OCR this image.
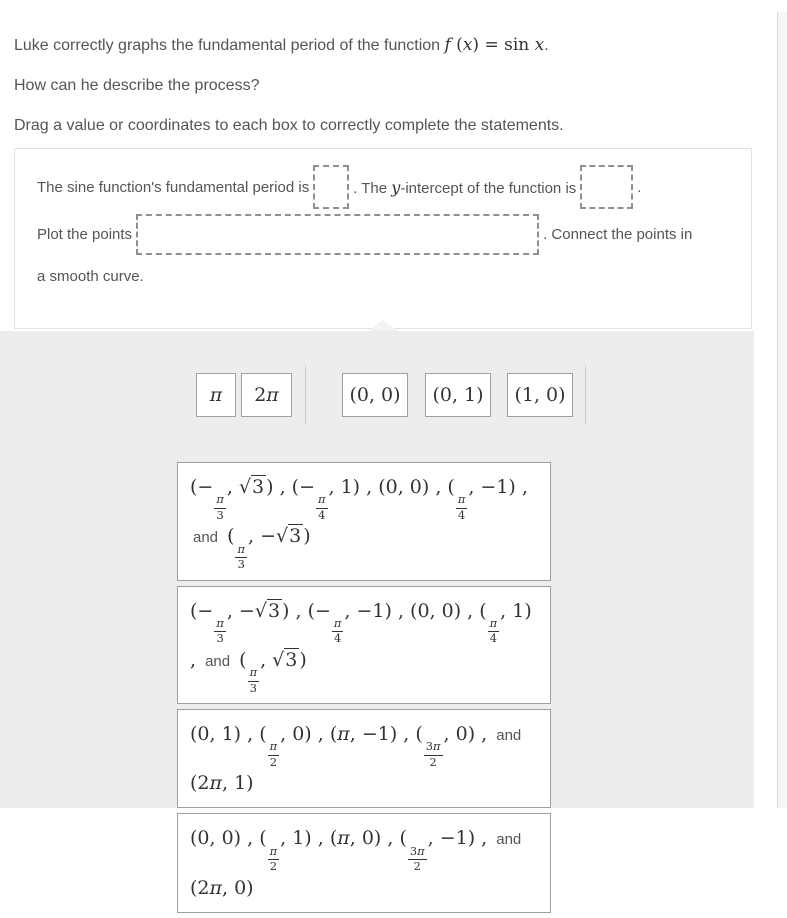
Luke correctly graphs the fundamental period of the function f (x) = sin x.

How can he describe the process?

Drag a value or coordinates to each box to correctly complete the statements.

The sine function's fundamental period is	. The y-intercept of the function is	.
Plot the points	. Connect the points in
a smooth curve.
π	2 π	(0, 0)	(0, 1)	(1, 0)
(−
$\frac{\pi}{3}$
, √3 ) , (−
$\frac{\pi}{4}$
, 1) , (0, 0) , (
$\frac{\pi}{4}$
, −1) , and (
$\frac{\pi}{3}$
, −√3 )
(−
$\frac{\pi}{3}$
, −√3 ) , (−
$\frac{\pi}{4}$
, −1) , (0, 0) , (
$\frac{\pi}{4}$
, 1) , and (
$\frac{\pi}{3}$
, √3 )
(0, 1) , (
$\frac{\pi}{2}$
, 0) , (π, −1) , (
$\frac{3\pi}{2}$
, 0) , and (2π, 1)
(0, 0) , (
$\frac{\pi}{2}$
, 1) , (π, 0) , (
$\frac{3\pi}{2}$
, −1) , and (2π, 0)
